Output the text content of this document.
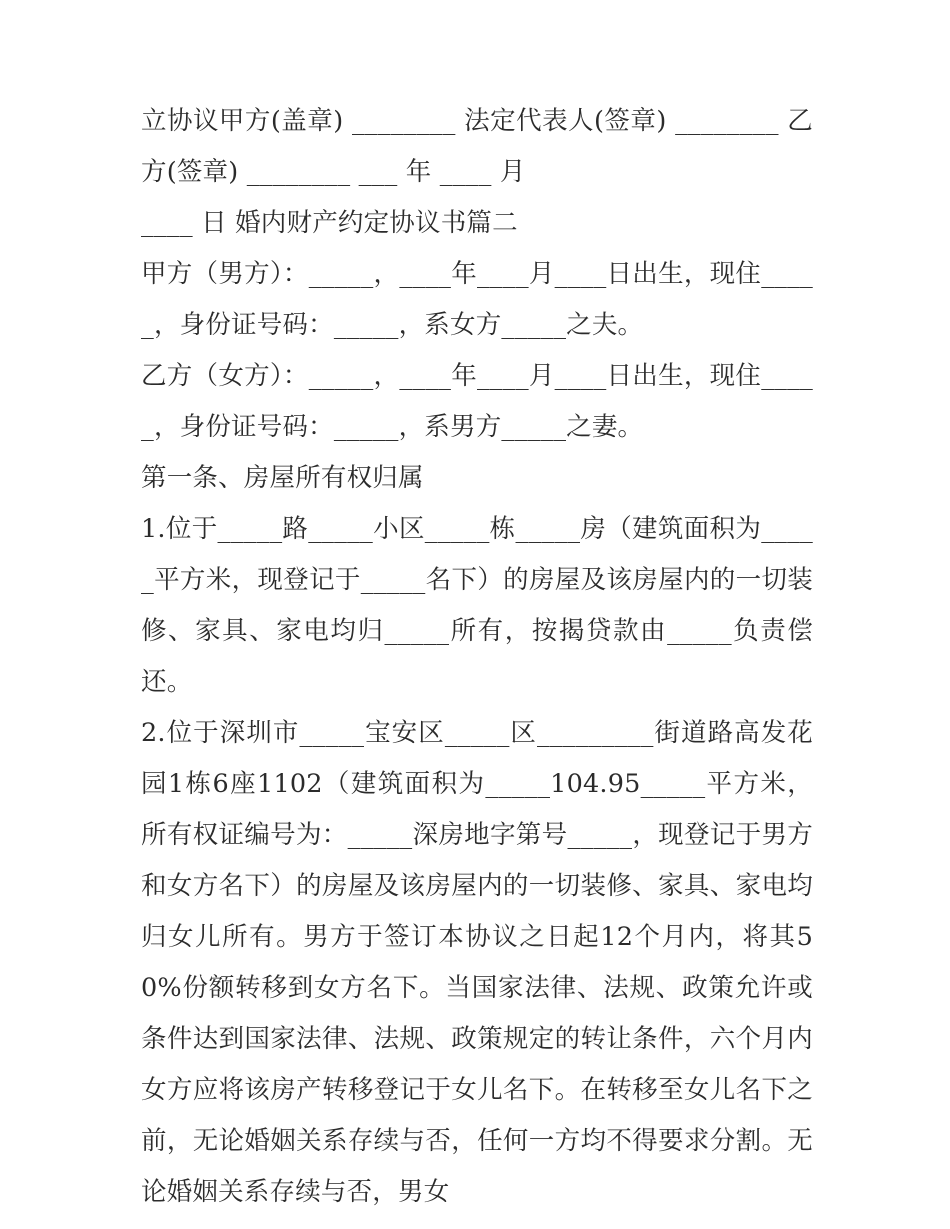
立协议甲方(盖章) ________ 法定代表人(签章) ________ 乙方(签章) ________ ___ 年 ____ 月

____ 日 婚内财产约定协议书篇二

甲方（男方）：_____，____年____月____日出生，现住_____，身份证号码：_____，系女方_____之夫。

乙方（女方）：_____，____年____月____日出生，现住_____，身份证号码：_____，系男方_____之妻。

第一条、房屋所有权归属

1.位于_____路_____小区_____栋_____房（建筑面积为_____平方米，现登记于_____名下）的房屋及该房屋内的一切装修、家具、家电均归_____所有，按揭贷款由_____负责偿还。

2.位于深圳市_____宝安区_____区_________街道路高发花园1栋6座1102（建筑面积为_____104.95_____平方米，所有权证编号为：_____深房地字第号_____，现登记于男方和女方名下）的房屋及该房屋内的一切装修、家具、家电均归女儿所有。男方于签订本协议之日起12个月内，将其50%份额转移到女方名下。当国家法律、法规、政策允许或条件达到国家法律、法规、政策规定的转让条件，六个月内女方应将该房产转移登记于女儿名下。在转移至女儿名下之前，无论婚姻关系存续与否，任何一方均不得要求分割。无论婚姻关系存续与否，男女
